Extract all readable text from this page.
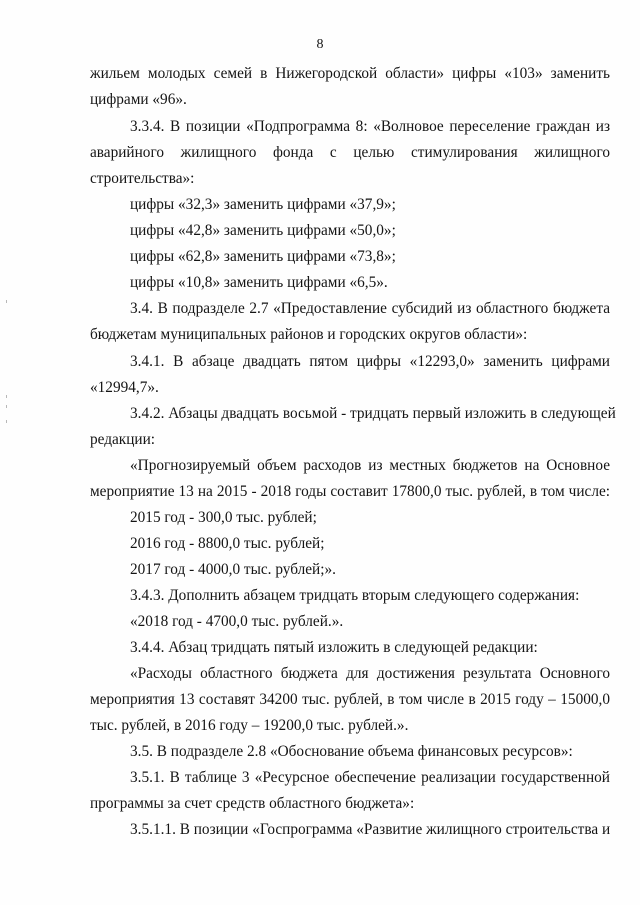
8
жильем молодых семей в Нижегородской области» цифры «103» заменить
цифрами «96».
3.3.4. В позиции «Подпрограмма 8: «Волновое переселение граждан из
аварийного жилищного фонда с целью стимулирования жилищного
строительства»:
цифры «32,3» заменить цифрами «37,9»;
цифры «42,8» заменить цифрами «50,0»;
цифры «62,8» заменить цифрами «73,8»;
цифры «10,8» заменить цифрами «6,5».
3.4. В подразделе 2.7 «Предоставление субсидий из областного бюджета
бюджетам муниципальных районов и городских округов области»:
3.4.1. В абзаце двадцать пятом цифры «12293,0» заменить цифрами
«12994,7».
3.4.2. Абзацы двадцать восьмой - тридцать первый изложить в следующей
редакции:
«Прогнозируемый объем расходов из местных бюджетов на Основное
мероприятие 13 на 2015 - 2018 годы составит 17800,0 тыс. рублей, в том числе:
2015 год - 300,0 тыс. рублей;
2016 год - 8800,0 тыс. рублей;
2017 год - 4000,0 тыс. рублей;».
3.4.3. Дополнить абзацем тридцать вторым следующего содержания:
«2018 год - 4700,0 тыс. рублей.».
3.4.4. Абзац тридцать пятый изложить в следующей редакции:
«Расходы областного бюджета для достижения результата Основного
мероприятия 13 составят 34200 тыс. рублей, в том числе в 2015 году – 15000,0
тыс. рублей, в 2016 году – 19200,0 тыс. рублей.».
3.5. В подразделе 2.8 «Обоснование объема финансовых ресурсов»:
3.5.1. В таблице 3 «Ресурсное обеспечение реализации государственной
программы за счет средств областного бюджета»:
3.5.1.1. В позиции «Госпрограмма «Развитие жилищного строительства и
